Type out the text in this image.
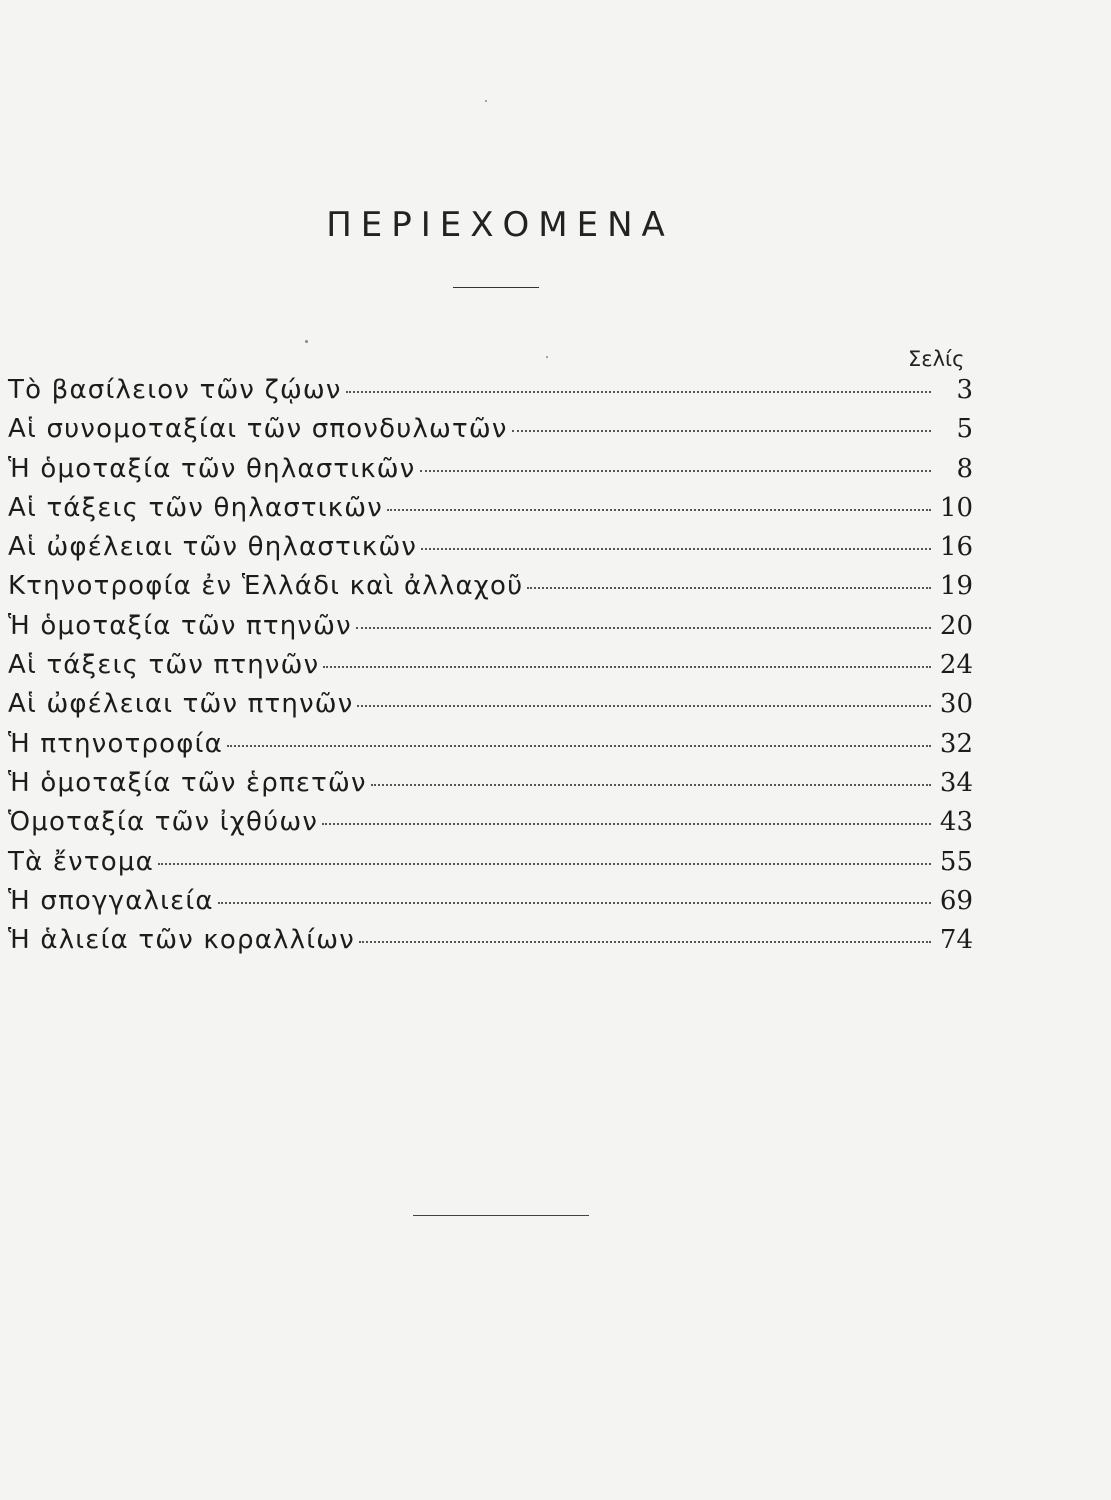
ΠΕΡΙΕΧΟΜΕΝΑ
Σελίς
Τὸ βασίλειον τῶν ζῴων	3
Αἱ συνομοταξίαι τῶν σπονδυλωτῶν	5
Ἡ ὁμοταξία τῶν θηλαστικῶν	8
Αἱ τάξεις τῶν θηλαστικῶν	10
Αἱ ὠφέλειαι τῶν θηλαστικῶν	16
Κτηνοτροφία ἐν Ἑλλάδι καὶ ἀλλαχοῦ	19
Ἡ ὁμοταξία τῶν πτηνῶν	20
Αἱ τάξεις τῶν πτηνῶν	24
Αἱ ὠφέλειαι τῶν πτηνῶν	30
Ἡ πτηνοτροφία	32
Ἡ ὁμοταξία τῶν ἑρπετῶν	34
Ὁμοταξία τῶν ἰχθύων	43
Τὰ ἔντομα	55
Ἡ σπογγαλιεία	69
Ἡ ἁλιεία τῶν κοραλλίων	74
